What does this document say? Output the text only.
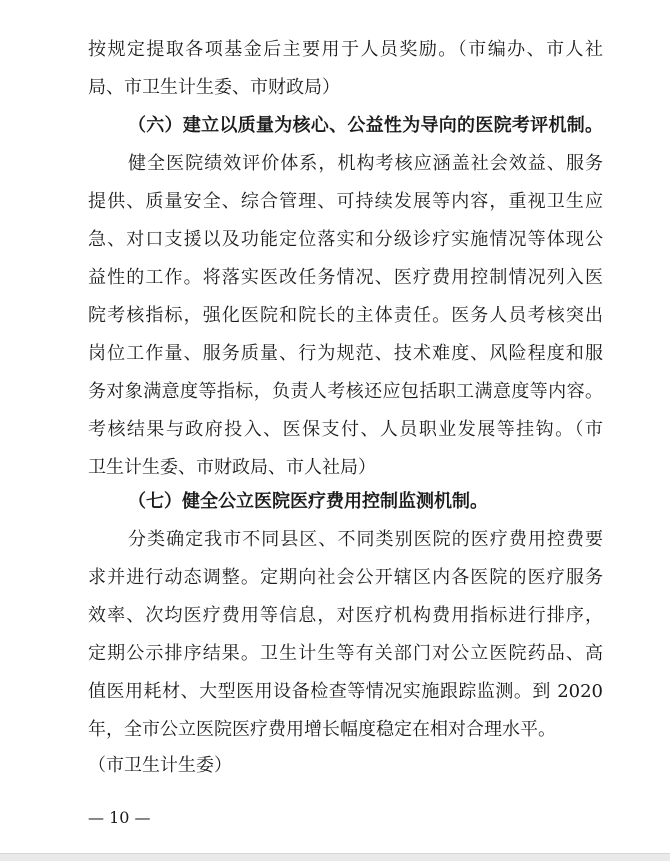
按规定提取各项基金后主要用于人员奖励。（市编办、市人社
局、市卫生计生委、市财政局）
（六）建立以质量为核心、公益性为导向的医院考评机制。
健全医院绩效评价体系，机构考核应涵盖社会效益、服务
提供、质量安全、综合管理、可持续发展等内容，重视卫生应
急、对口支援以及功能定位落实和分级诊疗实施情况等体现公
益性的工作。将落实医改任务情况、医疗费用控制情况列入医
院考核指标，强化医院和院长的主体责任。医务人员考核突出
岗位工作量、服务质量、行为规范、技术难度、风险程度和服
务对象满意度等指标，负责人考核还应包括职工满意度等内容。
考核结果与政府投入、医保支付、人员职业发展等挂钩。（市
卫生计生委、市财政局、市人社局）
（七）健全公立医院医疗费用控制监测机制。
分类确定我市不同县区、不同类别医院的医疗费用控费要
求并进行动态调整。定期向社会公开辖区内各医院的医疗服务
效率、次均医疗费用等信息，对医疗机构费用指标进行排序，
定期公示排序结果。卫生计生等有关部门对公立医院药品、高
值医用耗材、大型医用设备检查等情况实施跟踪监测。到 2020
年，全市公立医院医疗费用增长幅度稳定在相对合理水平。
（市卫生计生委）
— 10 —
